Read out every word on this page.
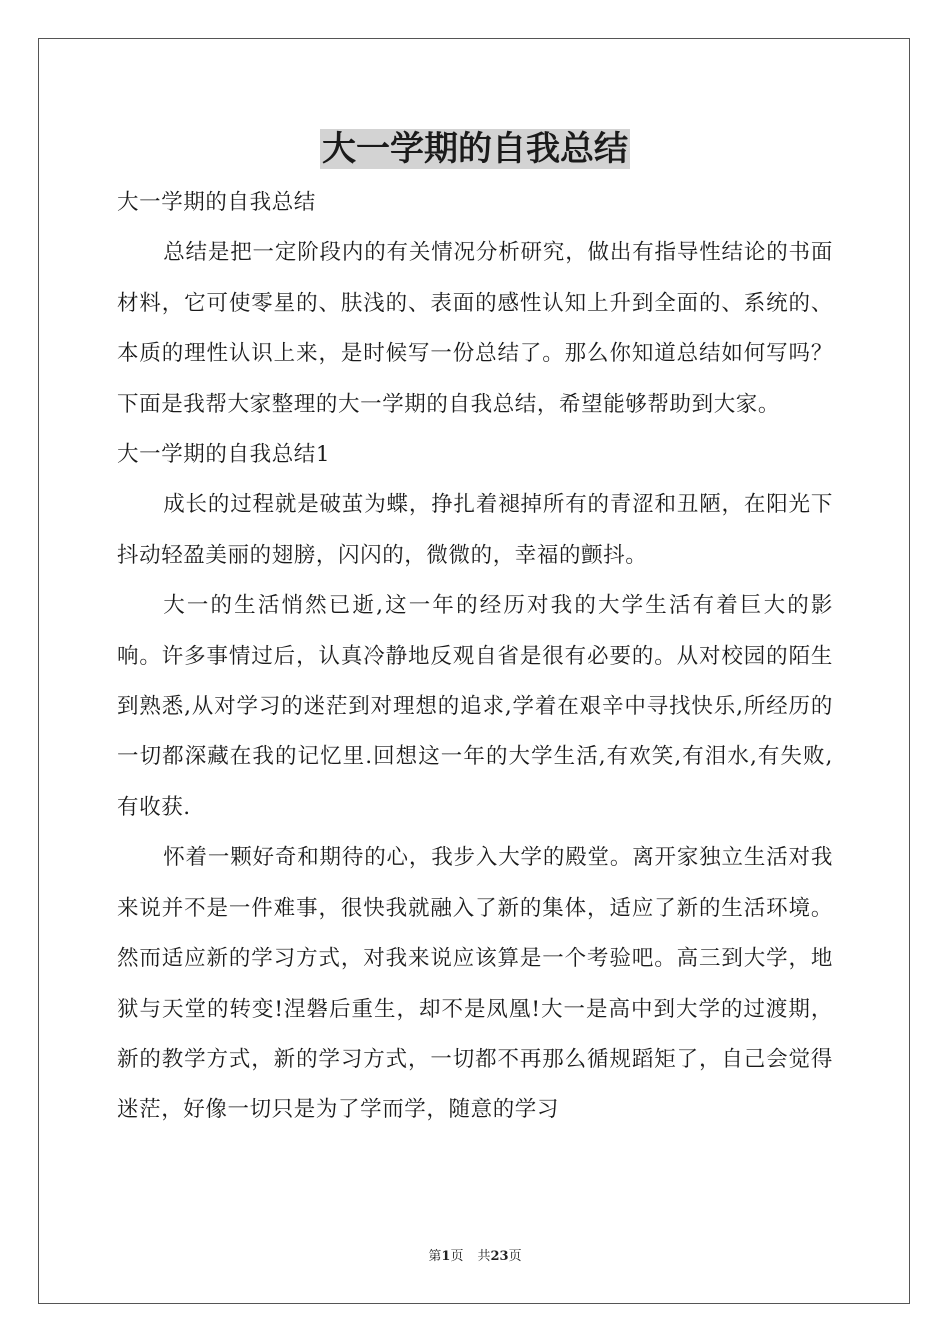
大一学期的自我总结

大一学期的自我总结

总结是把一定阶段内的有关情况分析研究，做出有指导性结论的书面材料，它可使零星的、肤浅的、表面的感性认知上升到全面的、系统的、本质的理性认识上来，是时候写一份总结了。那么你知道总结如何写吗？下面是我帮大家整理的大一学期的自我总结，希望能够帮助到大家。

大一学期的自我总结1

成长的过程就是破茧为蝶，挣扎着褪掉所有的青涩和丑陋，在阳光下抖动轻盈美丽的翅膀，闪闪的，微微的，幸福的颤抖。

大一的生活悄然已逝,这一年的经历对我的大学生活有着巨大的影响。许多事情过后，认真冷静地反观自省是很有必要的。从对校园的陌生到熟悉,从对学习的迷茫到对理想的追求,学着在艰辛中寻找快乐,所经历的一切都深藏在我的记忆里.回想这一年的大学生活,有欢笑,有泪水,有失败,有收获.

怀着一颗好奇和期待的心，我步入大学的殿堂。离开家独立生活对我来说并不是一件难事，很快我就融入了新的集体，适应了新的生活环境。然而适应新的学习方式，对我来说应该算是一个考验吧。高三到大学，地狱与天堂的转变!涅磐后重生，却不是凤凰!大一是高中到大学的过渡期，新的教学方式，新的学习方式，一切都不再那么循规蹈矩了，自己会觉得迷茫，好像一切只是为了学而学，随意的学习

第1页 共23页
